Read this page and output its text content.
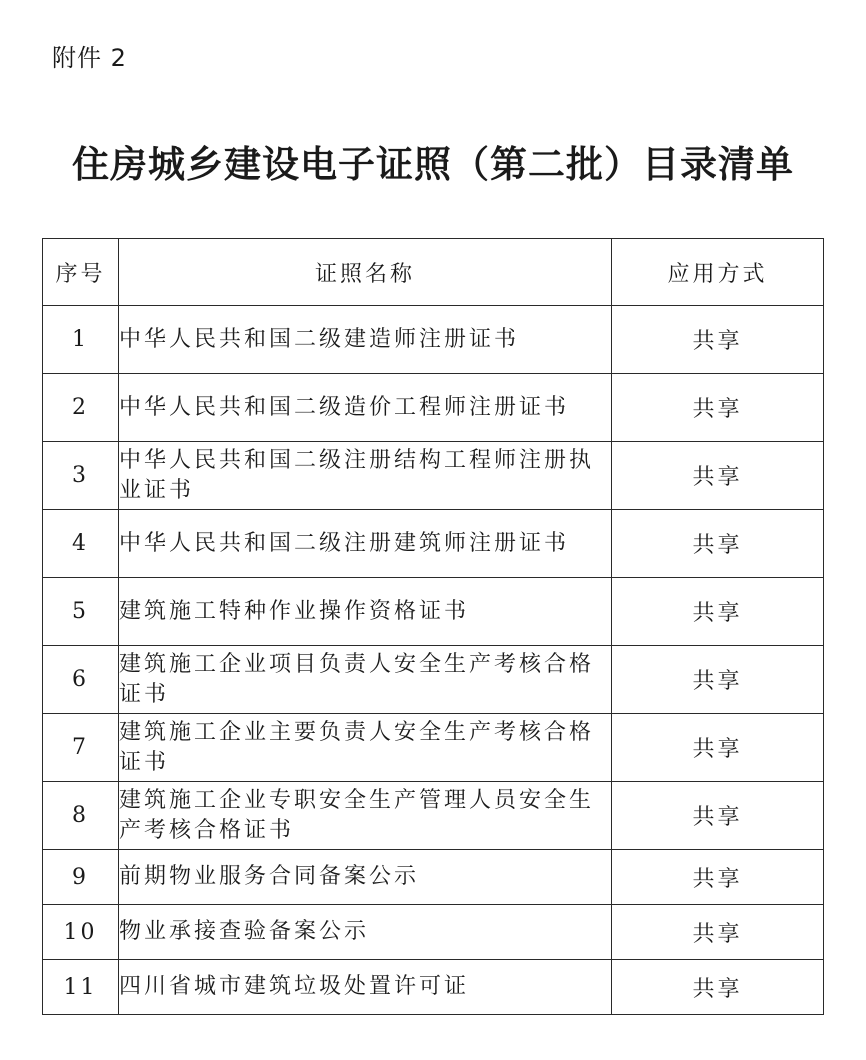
附件 2
住房城乡建设电子证照（第二批）目录清单
序号	证照名称	应用方式
1	中华人民共和国二级建造师注册证书	共享
2	中华人民共和国二级造价工程师注册证书	共享
3	中华人民共和国二级注册结构工程师注册执业证书	共享
4	中华人民共和国二级注册建筑师注册证书	共享
5	建筑施工特种作业操作资格证书	共享
6	建筑施工企业项目负责人安全生产考核合格证书	共享
7	建筑施工企业主要负责人安全生产考核合格证书	共享
8	建筑施工企业专职安全生产管理人员安全生产考核合格证书	共享
9	前期物业服务合同备案公示	共享
10	物业承接查验备案公示	共享
11	四川省城市建筑垃圾处置许可证	共享
